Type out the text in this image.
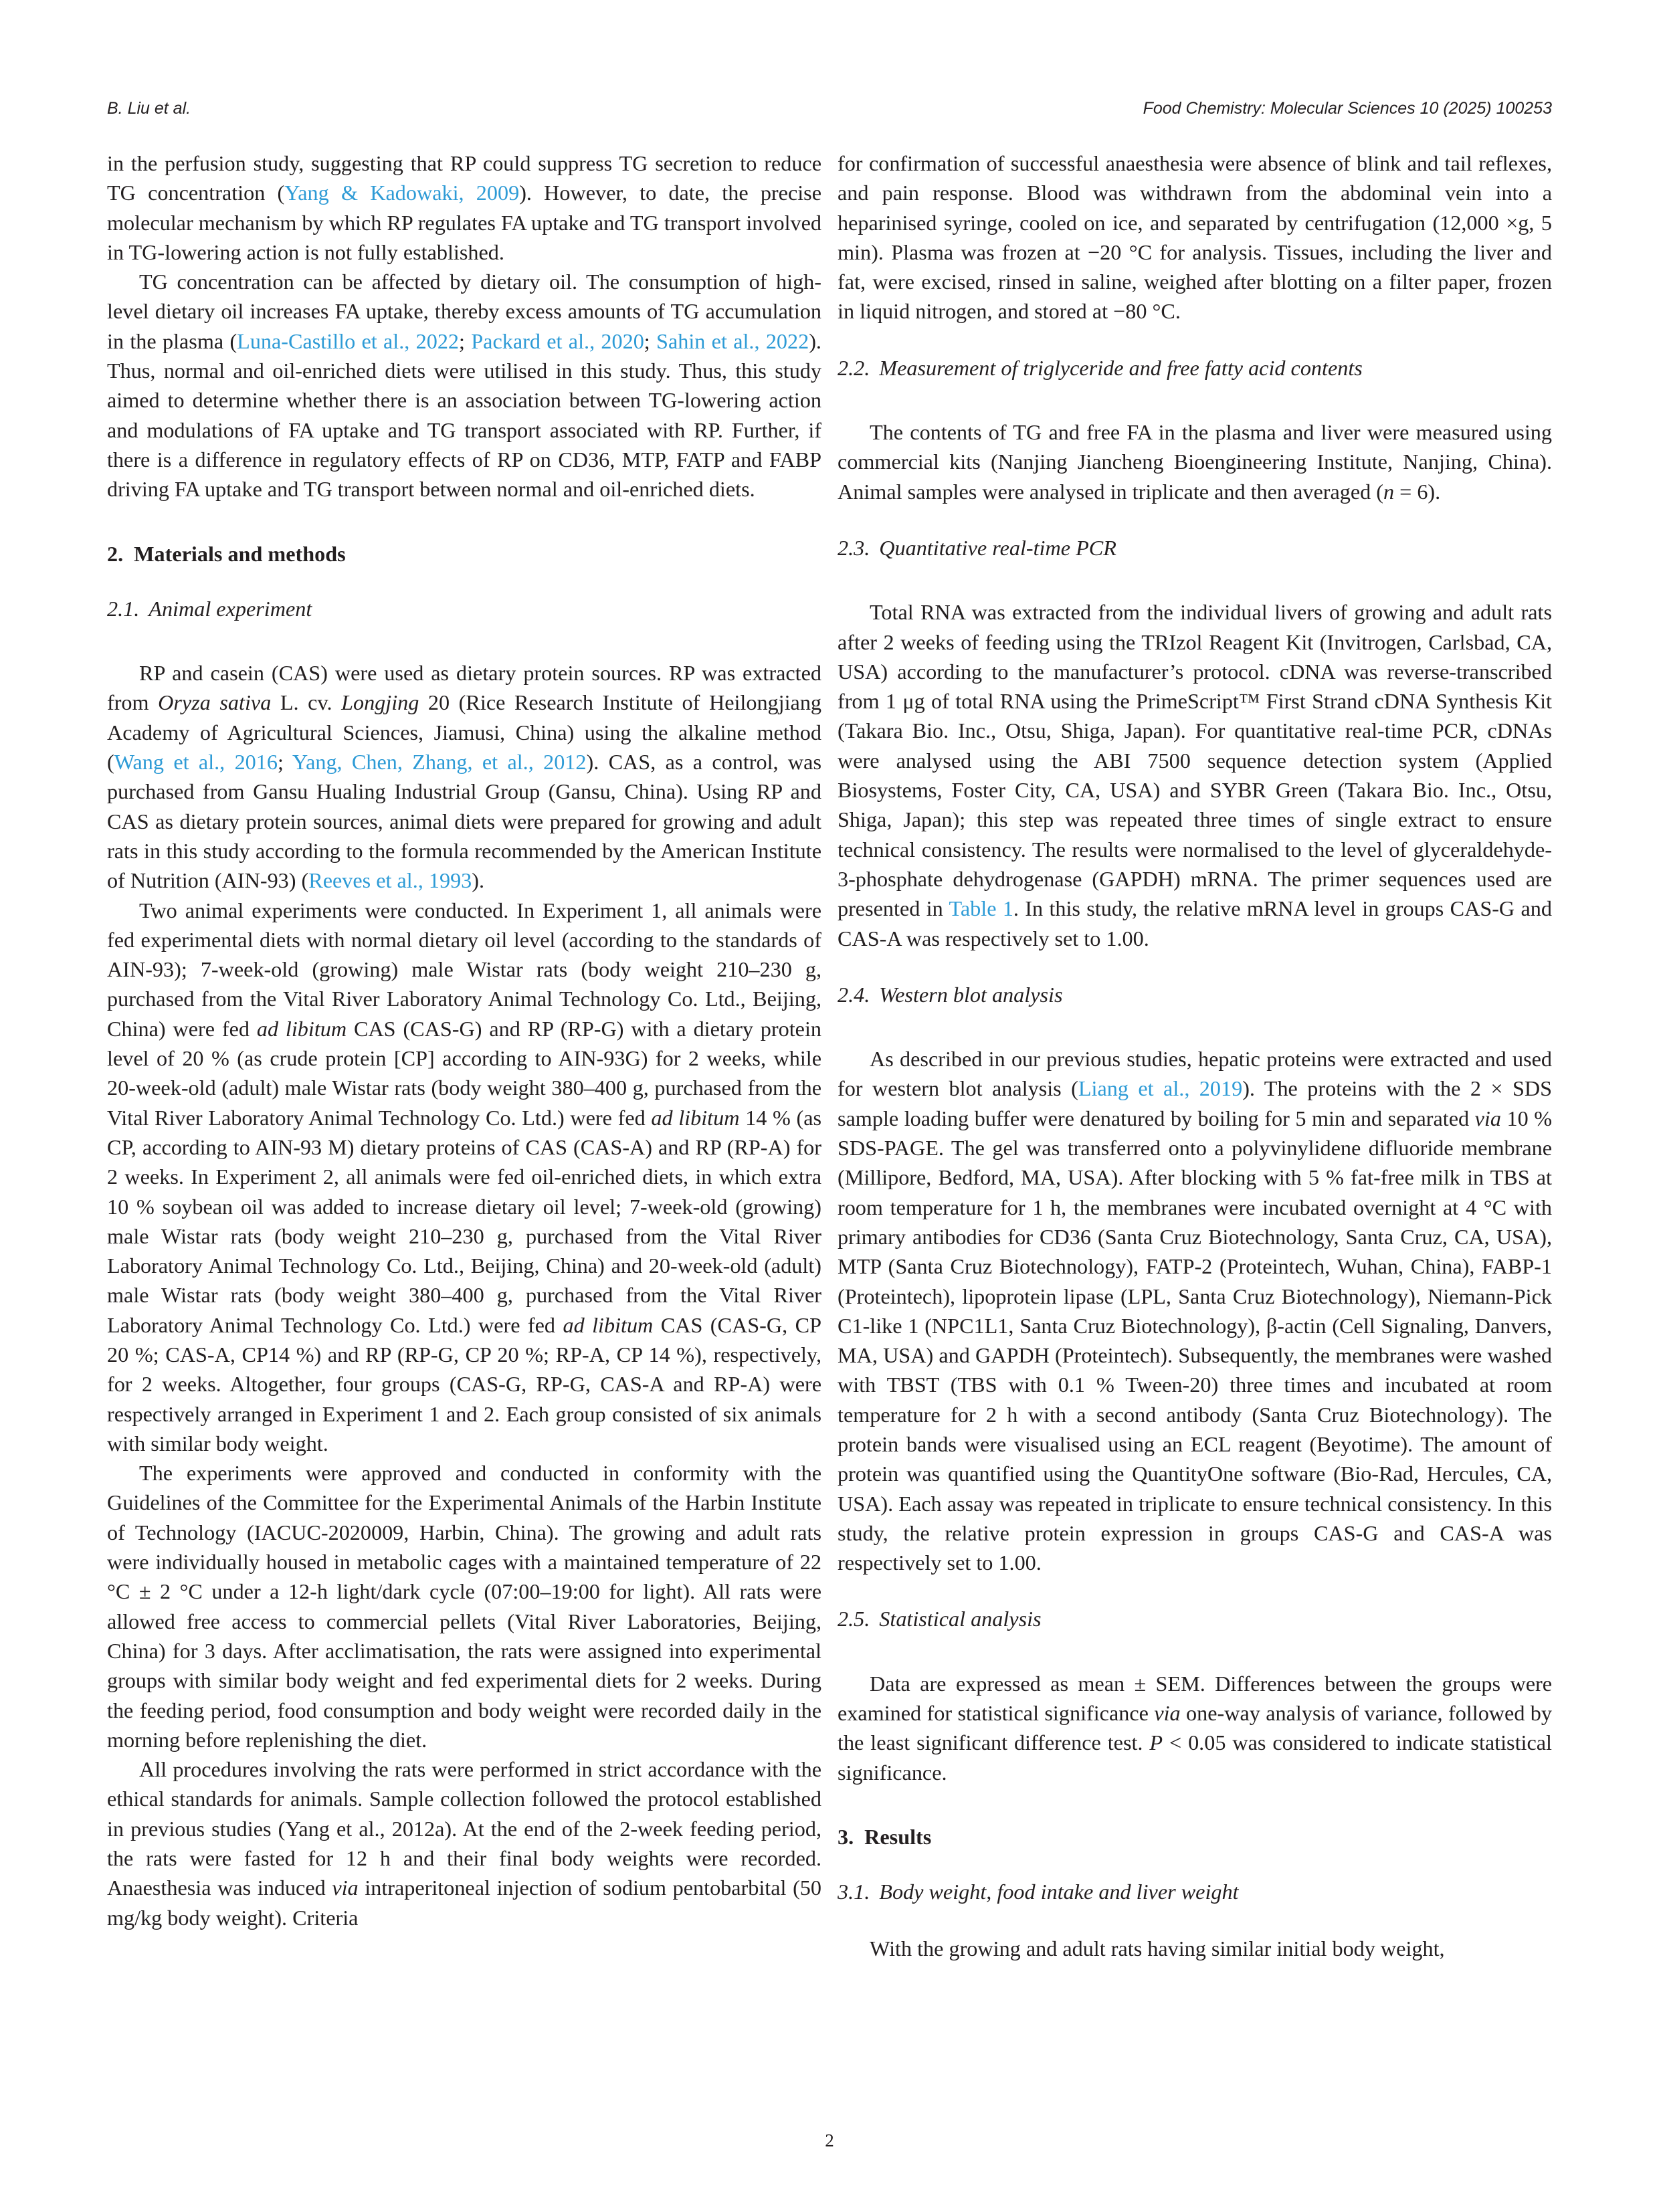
B. Liu et al.	Food Chemistry: Molecular Sciences 10 (2025) 100253

in the perfusion study, suggesting that RP could suppress TG secretion to reduce TG concentration (Yang & Kadowaki, 2009). However, to date, the precise molecular mechanism by which RP regulates FA uptake and TG transport involved in TG-lowering action is not fully established.

TG concentration can be affected by dietary oil. The consumption of high-level dietary oil increases FA uptake, thereby excess amounts of TG accumulation in the plasma (Luna-Castillo et al., 2022; Packard et al., 2020; Sahin et al., 2022). Thus, normal and oil-enriched diets were utilised in this study. Thus, this study aimed to determine whether there is an association between TG-lowering action and modulations of FA uptake and TG transport associated with RP. Further, if there is a difference in regulatory effects of RP on CD36, MTP, FATP and FABP driving FA uptake and TG transport between normal and oil-enriched diets.

2. Materials and methods
2.1. Animal experiment

RP and casein (CAS) were used as dietary protein sources. RP was extracted from Oryza sativa L. cv. Longjing 20 (Rice Research Institute of Heilongjiang Academy of Agricultural Sciences, Jiamusi, China) using the alkaline method (Wang et al., 2016; Yang, Chen, Zhang, et al., 2012). CAS, as a control, was purchased from Gansu Hualing Industrial Group (Gansu, China). Using RP and CAS as dietary protein sources, animal diets were prepared for growing and adult rats in this study according to the formula recommended by the American Institute of Nutrition (AIN-93) (Reeves et al., 1993).

Two animal experiments were conducted. In Experiment 1, all animals were fed experimental diets with normal dietary oil level (according to the standards of AIN-93); 7-week-old (growing) male Wistar rats (body weight 210–230 g, purchased from the Vital River Laboratory Animal Technology Co. Ltd., Beijing, China) were fed ad libitum CAS (CAS-G) and RP (RP-G) with a dietary protein level of 20 % (as crude protein [CP] according to AIN-93G) for 2 weeks, while 20-week-old (adult) male Wistar rats (body weight 380–400 g, purchased from the Vital River Laboratory Animal Technology Co. Ltd.) were fed ad libitum 14 % (as CP, according to AIN-93 M) dietary proteins of CAS (CAS-A) and RP (RP-A) for 2 weeks. In Experiment 2, all animals were fed oil-enriched diets, in which extra 10 % soybean oil was added to increase dietary oil level; 7-week-old (growing) male Wistar rats (body weight 210–230 g, purchased from the Vital River Laboratory Animal Technology Co. Ltd., Beijing, China) and 20-week-old (adult) male Wistar rats (body weight 380–400 g, purchased from the Vital River Laboratory Animal Technology Co. Ltd.) were fed ad libitum CAS (CAS-G, CP 20 %; CAS-A, CP14 %) and RP (RP-G, CP 20 %; RP-A, CP 14 %), respectively, for 2 weeks. Altogether, four groups (CAS-G, RP-G, CAS-A and RP-A) were respectively arranged in Experiment 1 and 2. Each group consisted of six animals with similar body weight.

The experiments were approved and conducted in conformity with the Guidelines of the Committee for the Experimental Animals of the Harbin Institute of Technology (IACUC-2020009, Harbin, China). The growing and adult rats were individually housed in metabolic cages with a maintained temperature of 22 °C ± 2 °C under a 12-h light/dark cycle (07:00–19:00 for light). All rats were allowed free access to commercial pellets (Vital River Laboratories, Beijing, China) for 3 days. After acclimatisation, the rats were assigned into experimental groups with similar body weight and fed experimental diets for 2 weeks. During the feeding period, food consumption and body weight were recorded daily in the morning before replenishing the diet.

All procedures involving the rats were performed in strict accordance with the ethical standards for animals. Sample collection followed the protocol established in previous studies (Yang et al., 2012a). At the end of the 2-week feeding period, the rats were fasted for 12 h and their final body weights were recorded. Anaesthesia was induced via intraperitoneal injection of sodium pentobarbital (50 mg/kg body weight). Criteria

for confirmation of successful anaesthesia were absence of blink and tail reflexes, and pain response. Blood was withdrawn from the abdominal vein into a heparinised syringe, cooled on ice, and separated by centrifugation (12,000 ×g, 5 min). Plasma was frozen at −20 °C for analysis. Tissues, including the liver and fat, were excised, rinsed in saline, weighed after blotting on a filter paper, frozen in liquid nitrogen, and stored at −80 °C.

2.2. Measurement of triglyceride and free fatty acid contents

The contents of TG and free FA in the plasma and liver were measured using commercial kits (Nanjing Jiancheng Bioengineering Institute, Nanjing, China). Animal samples were analysed in triplicate and then averaged (n = 6).

2.3. Quantitative real-time PCR

Total RNA was extracted from the individual livers of growing and adult rats after 2 weeks of feeding using the TRIzol Reagent Kit (Invitrogen, Carlsbad, CA, USA) according to the manufacturer’s protocol. cDNA was reverse-transcribed from 1 μg of total RNA using the PrimeScript™ First Strand cDNA Synthesis Kit (Takara Bio. Inc., Otsu, Shiga, Japan). For quantitative real-time PCR, cDNAs were analysed using the ABI 7500 sequence detection system (Applied Biosystems, Foster City, CA, USA) and SYBR Green (Takara Bio. Inc., Otsu, Shiga, Japan); this step was repeated three times of single extract to ensure technical consistency. The results were normalised to the level of glyceraldehyde-3-phosphate dehydrogenase (GAPDH) mRNA. The primer sequences used are presented in Table 1. In this study, the relative mRNA level in groups CAS-G and CAS-A was respectively set to 1.00.

2.4. Western blot analysis

As described in our previous studies, hepatic proteins were extracted and used for western blot analysis (Liang et al., 2019). The proteins with the 2 × SDS sample loading buffer were denatured by boiling for 5 min and separated via 10 % SDS-PAGE. The gel was transferred onto a polyvinylidene difluoride membrane (Millipore, Bedford, MA, USA). After blocking with 5 % fat-free milk in TBS at room temperature for 1 h, the membranes were incubated overnight at 4 °C with primary antibodies for CD36 (Santa Cruz Biotechnology, Santa Cruz, CA, USA), MTP (Santa Cruz Biotechnology), FATP-2 (Proteintech, Wuhan, China), FABP-1 (Proteintech), lipoprotein lipase (LPL, Santa Cruz Biotechnology), Niemann-Pick C1-like 1 (NPC1L1, Santa Cruz Biotechnology), β-actin (Cell Signaling, Danvers, MA, USA) and GAPDH (Proteintech). Subsequently, the membranes were washed with TBST (TBS with 0.1 % Tween-20) three times and incubated at room temperature for 2 h with a second antibody (Santa Cruz Biotechnology). The protein bands were visualised using an ECL reagent (Beyotime). The amount of protein was quantified using the QuantityOne software (Bio-Rad, Hercules, CA, USA). Each assay was repeated in triplicate to ensure technical consistency. In this study, the relative protein expression in groups CAS-G and CAS-A was respectively set to 1.00.

2.5. Statistical analysis

Data are expressed as mean ± SEM. Differences between the groups were examined for statistical significance via one-way analysis of variance, followed by the least significant difference test. P < 0.05 was considered to indicate statistical significance.

3. Results
3.1. Body weight, food intake and liver weight

With the growing and adult rats having similar initial body weight,

2
